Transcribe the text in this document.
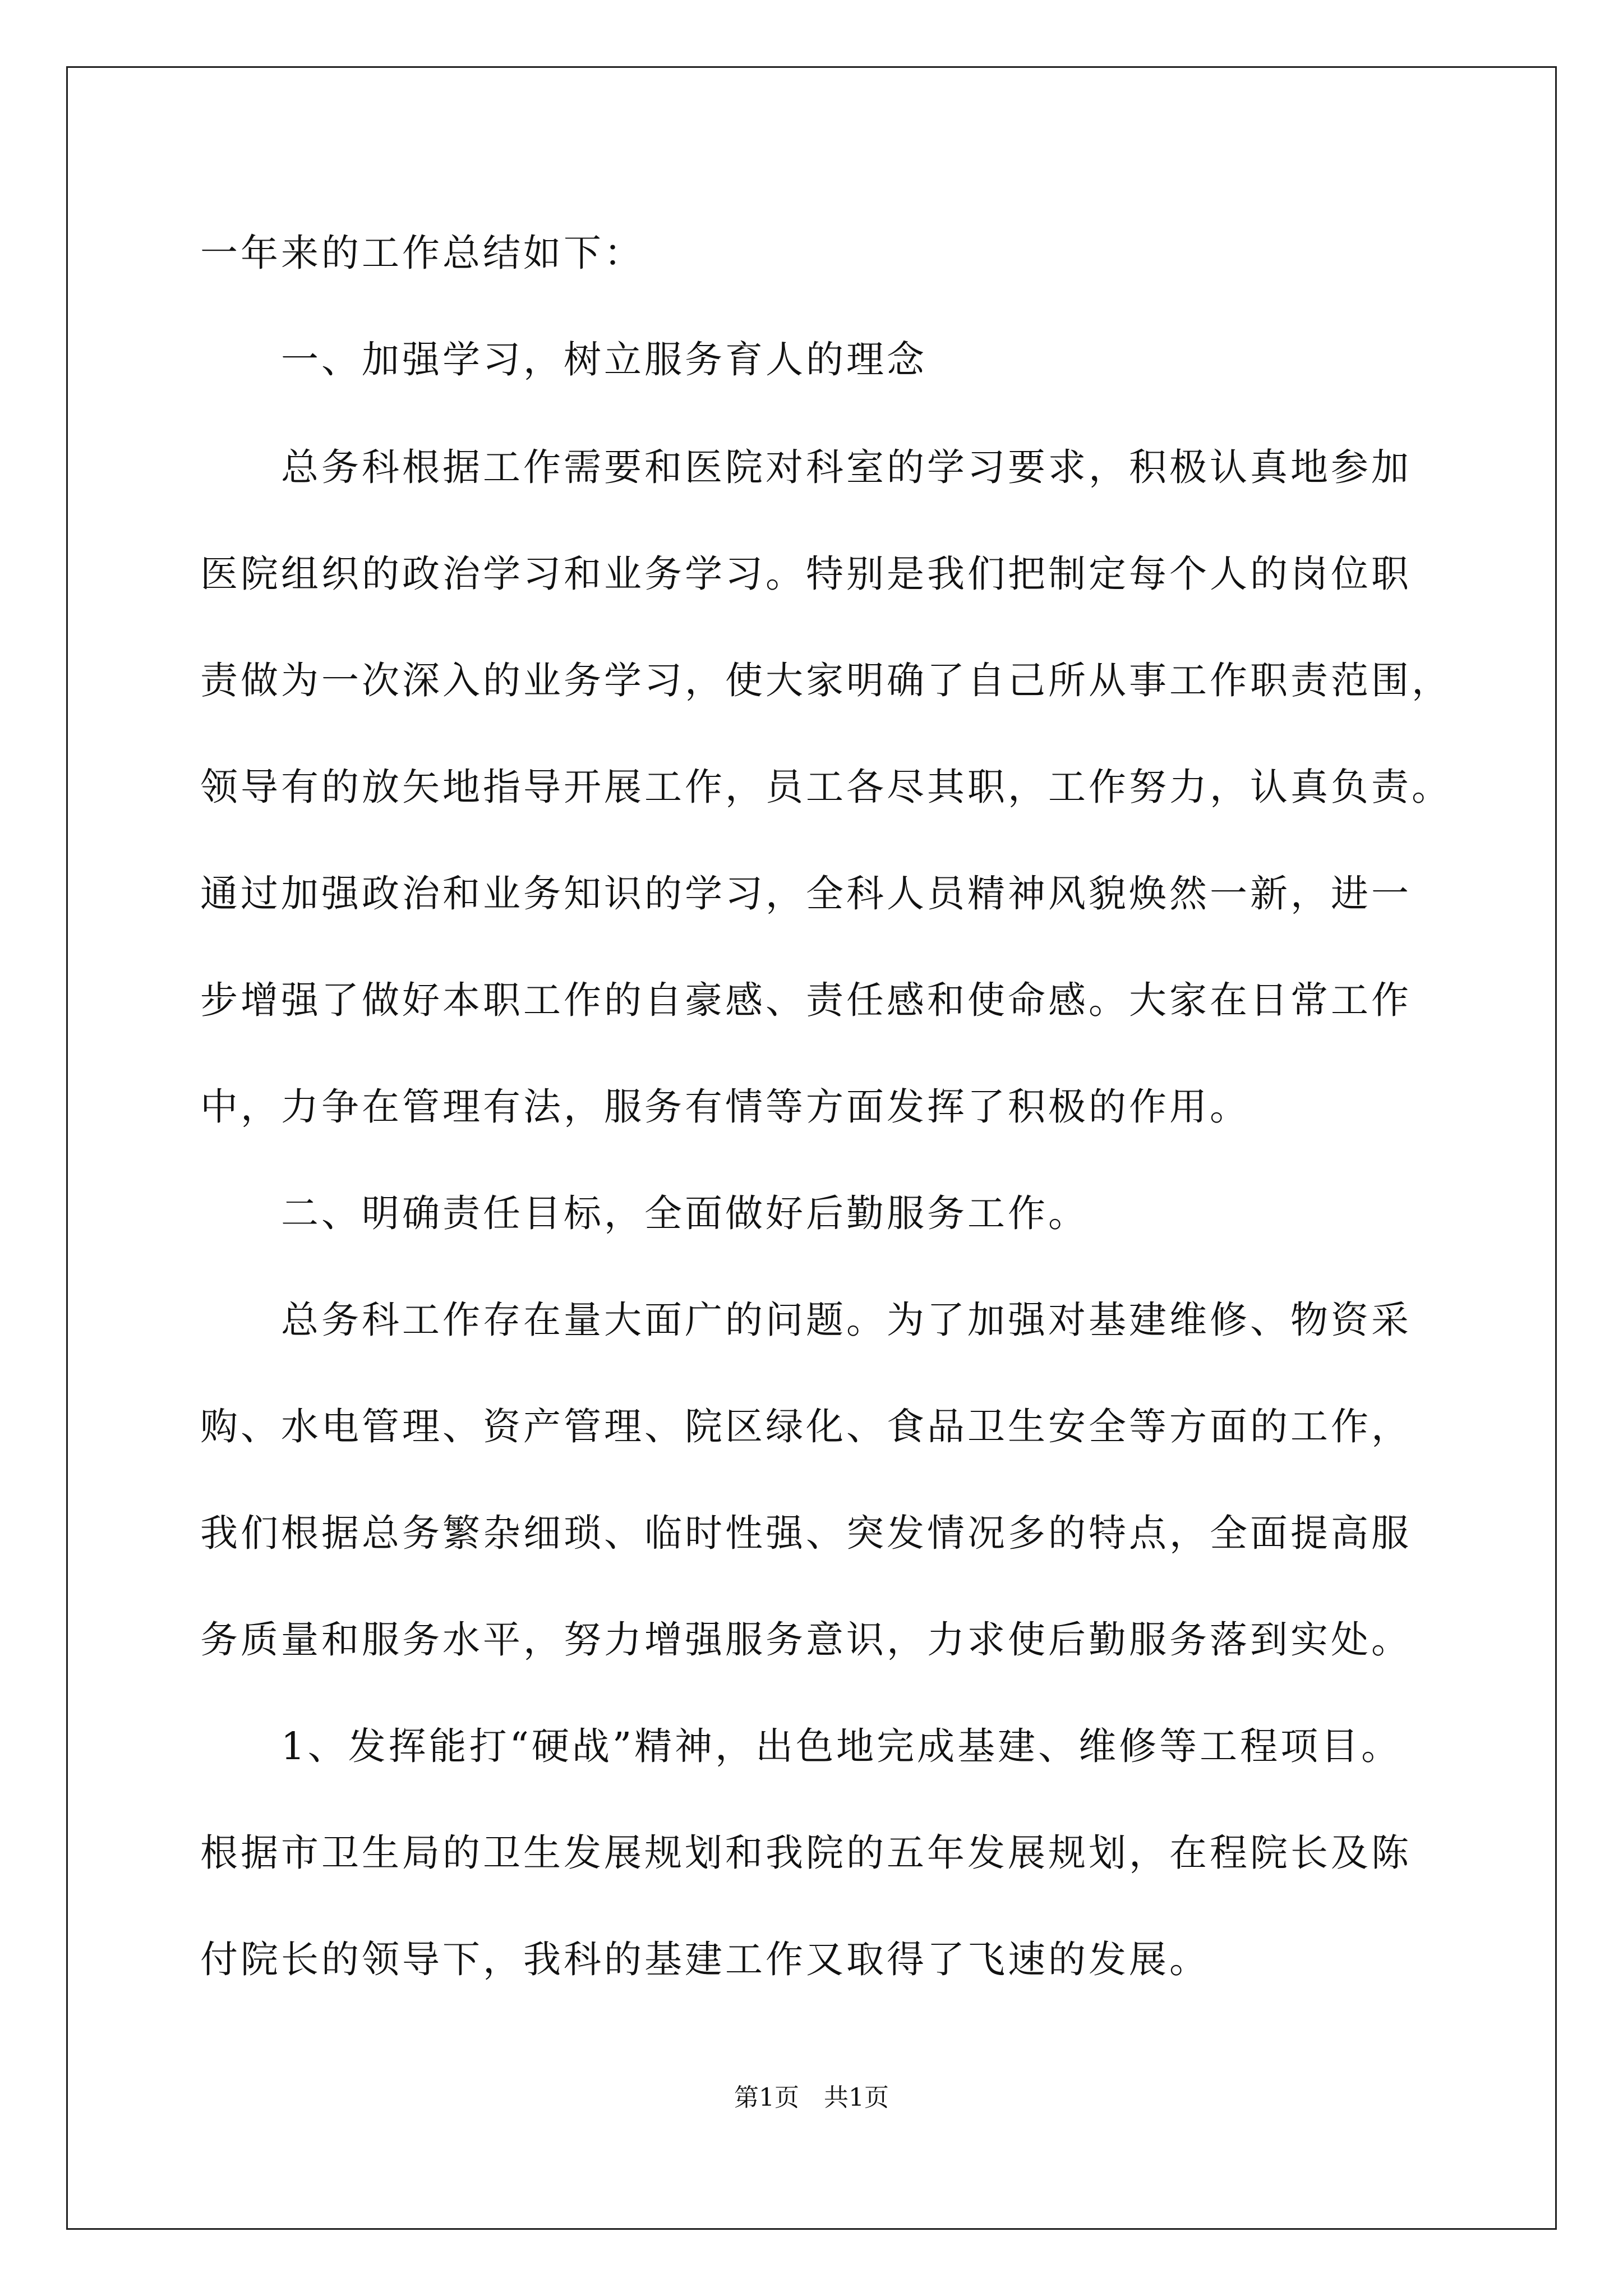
一年来的工作总结如下：
　　一、加强学习，树立服务育人的理念
　　总务科根据工作需要和医院对科室的学习要求，积极认真地参加
医院组织的政治学习和业务学习。特别是我们把制定每个人的岗位职
责做为一次深入的业务学习，使大家明确了自己所从事工作职责范围，
领导有的放矢地指导开展工作，员工各尽其职，工作努力，认真负责。
通过加强政治和业务知识的学习，全科人员精神风貌焕然一新，进一
步增强了做好本职工作的自豪感、责任感和使命感。大家在日常工作
中，力争在管理有法，服务有情等方面发挥了积极的作用。
　　二、明确责任目标，全面做好后勤服务工作。
　　总务科工作存在量大面广的问题。为了加强对基建维修、物资采
购、水电管理、资产管理、院区绿化、食品卫生安全等方面的工作，
我们根据总务繁杂细琐、临时性强、突发情况多的特点，全面提高服
务质量和服务水平，努力增强服务意识，力求使后勤服务落到实处。
　　1、发挥能打“硬战”精神，出色地完成基建、维修等工程项目。
根据市卫生局的卫生发展规划和我院的五年发展规划，在程院长及陈
付院长的领导下，我科的基建工作又取得了飞速的发展。
第1页　共1页
